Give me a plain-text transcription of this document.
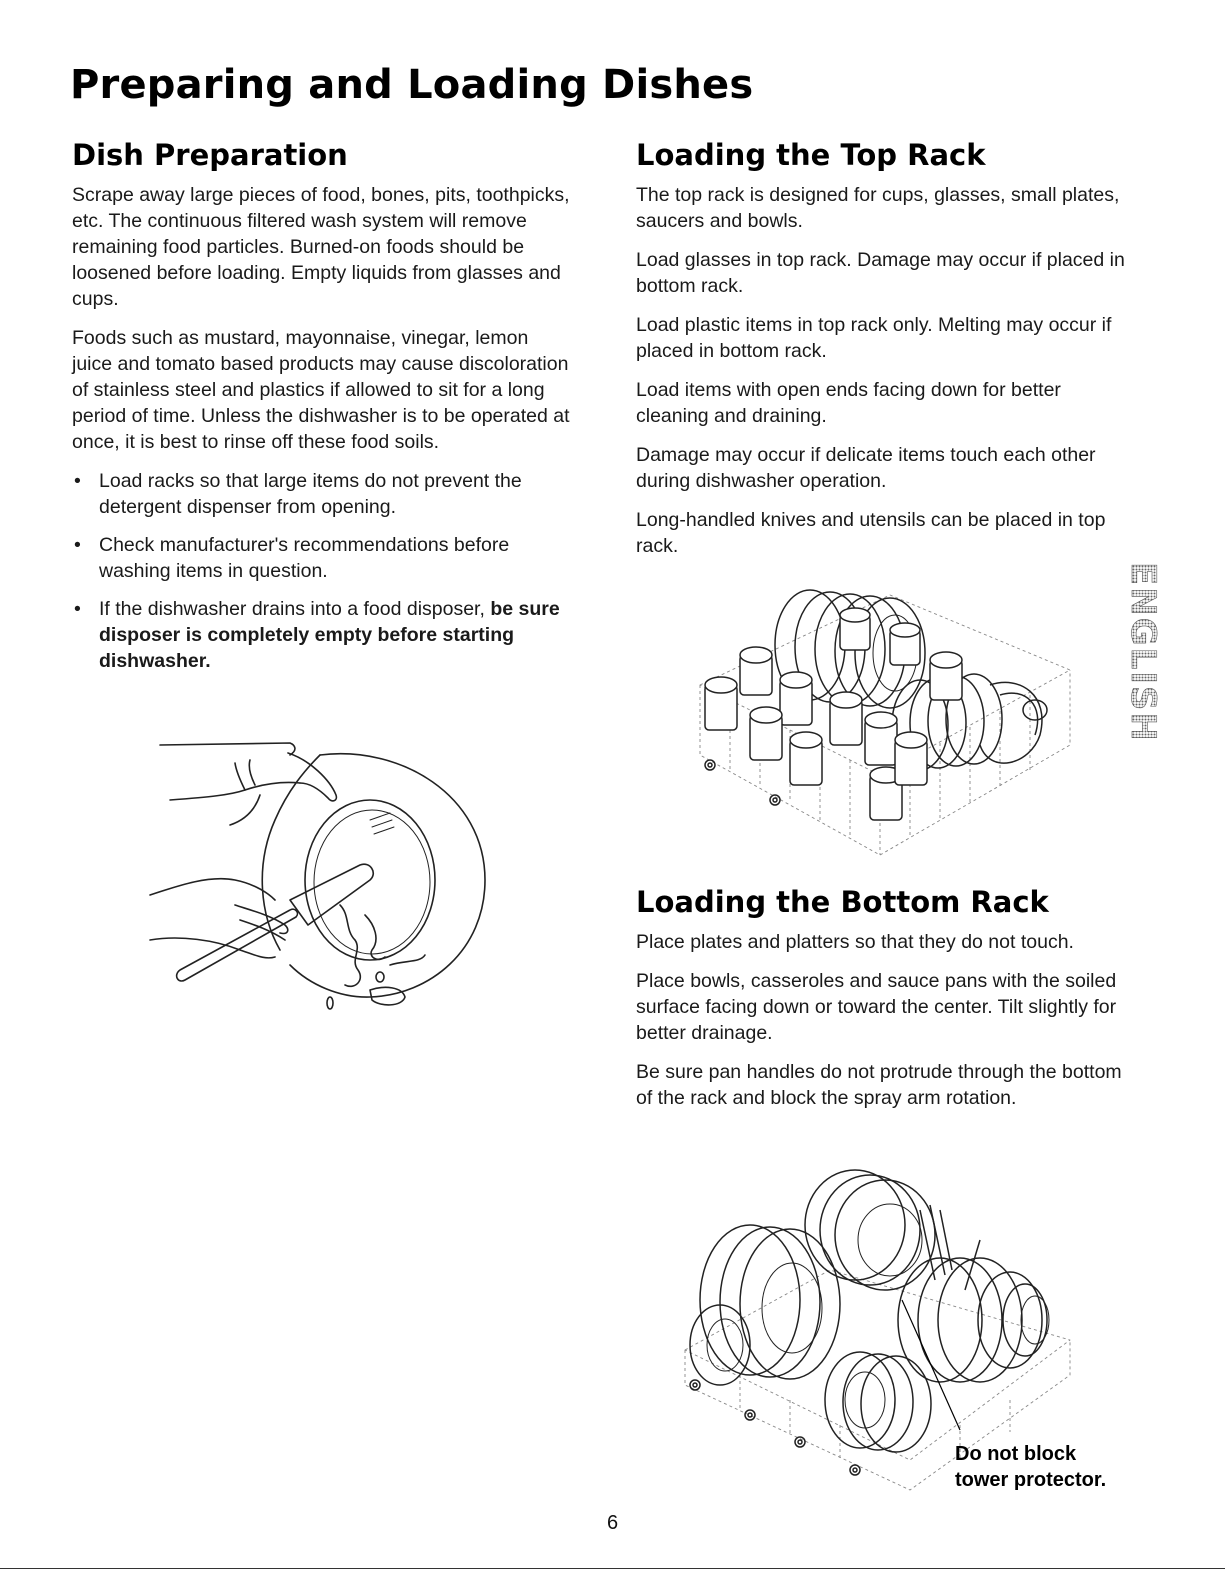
Preparing and Loading Dishes
Dish Preparation

Scrape away large pieces of food, bones, pits, toothpicks, etc. The continuous filtered wash system will remove remaining food particles. Burned-on foods should be loosened before loading. Empty liquids from glasses and cups.

Foods such as mustard, mayonnaise, vinegar, lemon juice and tomato based products may cause discoloration of stainless steel and plastics if allowed to sit for a long period of time. Unless the dishwasher is to be operated at once, it is best to rinse off these food soils.

• Load racks so that large items do not prevent the detergent dispenser from opening.
• Check manufacturer's recommendations before washing items in question.
• If the dishwasher drains into a food disposer, be sure disposer is completely empty before starting dishwasher.
Loading the Top Rack

The top rack is designed for cups, glasses, small plates, saucers and bowls.

Load glasses in top rack. Damage may occur if placed in bottom rack.

Load plastic items in top rack only. Melting may occur if placed in bottom rack.

Load items with open ends facing down for better cleaning and draining.

Damage may occur if delicate items touch each other during dishwasher operation.

Long-handled knives and utensils can be placed in top rack.

Loading the Bottom Rack

Place plates and platters so that they do not touch.

Place bowls, casseroles and sauce pans with the soiled surface facing down or toward the center. Tilt slightly for better drainage.

Be sure pan handles do not protrude through the bottom of the rack and block the spray arm rotation.

Do not block
tower protector.
ENGLISH
6
